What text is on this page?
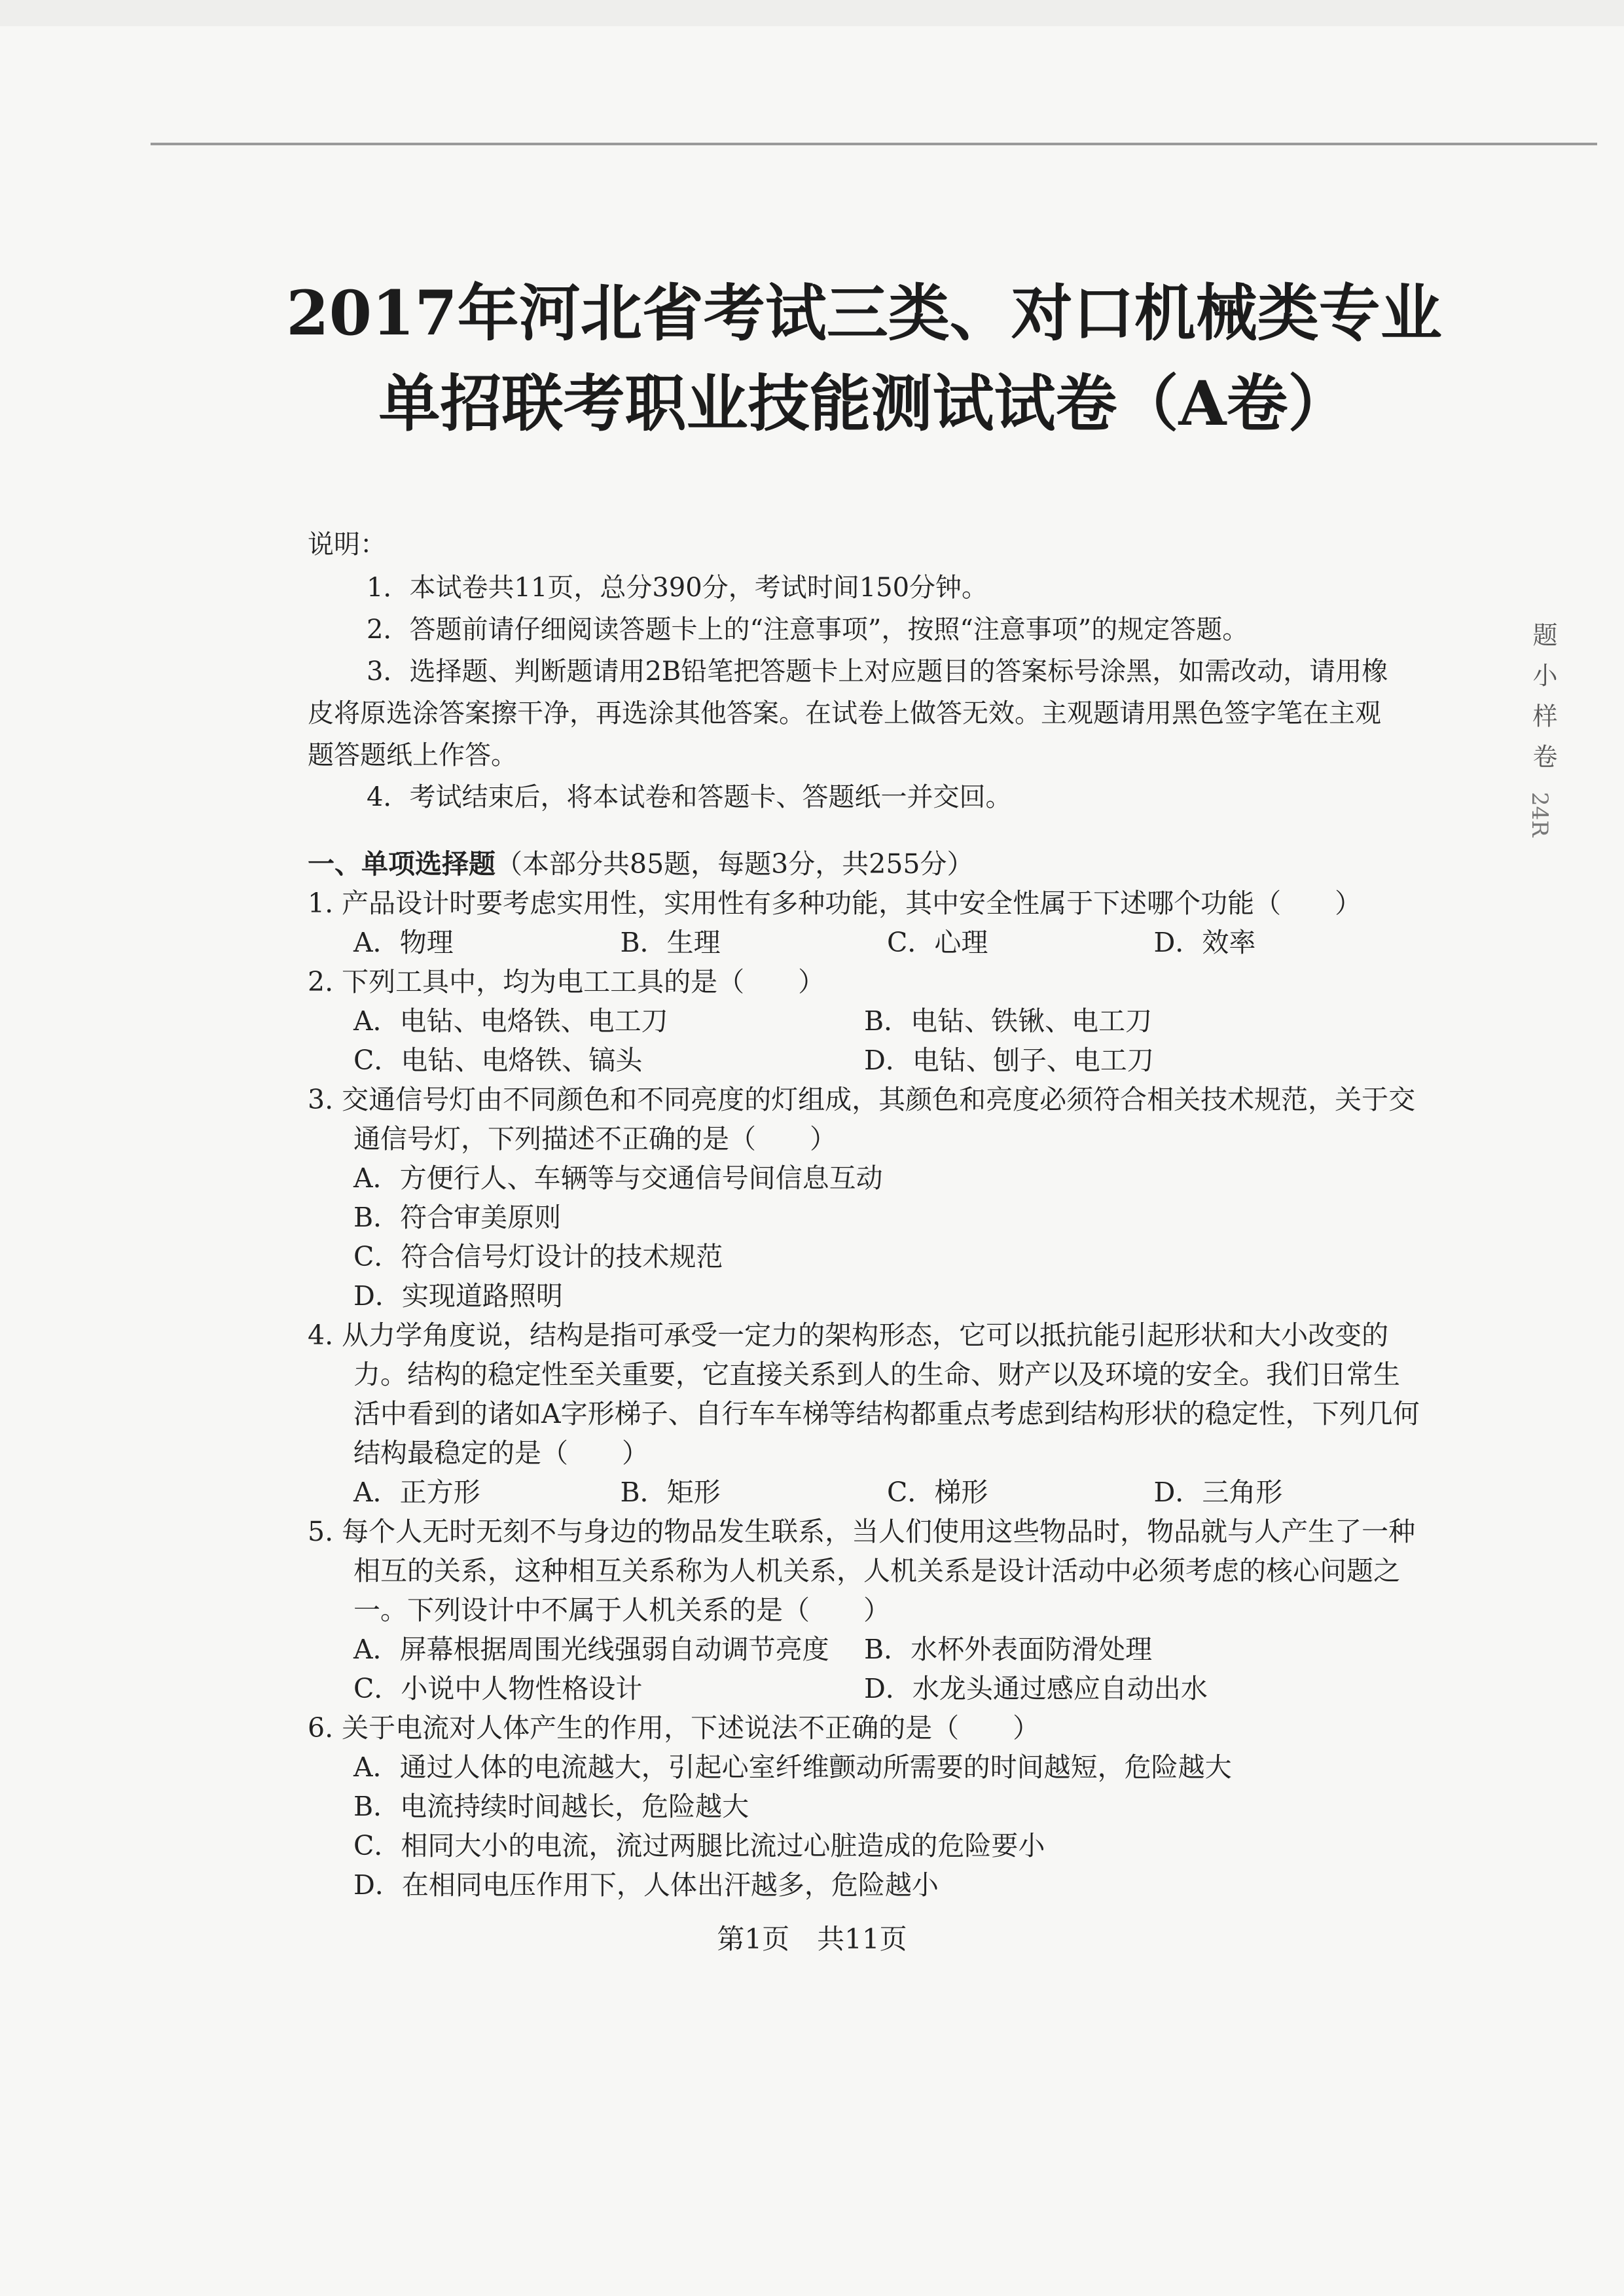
2017年河北省考试三类、对口机械类专业
单招联考职业技能测试试卷（A卷）
说明：
1．本试卷共11页，总分390分，考试时间150分钟。
2．答题前请仔细阅读答题卡上的“注意事项”，按照“注意事项”的规定答题。
3．选择题、判断题请用2B铅笔把答题卡上对应题目的答案标号涂黑，如需改动，请用橡皮将原选涂答案擦干净，再选涂其他答案。在试卷上做答无效。主观题请用黑色签字笔在主观题答题纸上作答。
4．考试结束后，将本试卷和答题卡、答题纸一并交回。
一、单项选择题（本部分共85题，每题3分，共255分）
1. 产品设计时要考虑实用性，实用性有多种功能，其中安全性属于下述哪个功能（　　）
A．物理	B．生理	C．心理	D．效率
2. 下列工具中，均为电工工具的是（　　）
A．电钻、电烙铁、电工刀	B．电钻、铁锹、电工刀
C．电钻、电烙铁、镐头	D．电钻、刨子、电工刀
3. 交通信号灯由不同颜色和不同亮度的灯组成，其颜色和亮度必须符合相关技术规范，关于交通信号灯，下列描述不正确的是（　　）
A．方便行人、车辆等与交通信号间信息互动
B．符合审美原则
C．符合信号灯设计的技术规范
D．实现道路照明
4. 从力学角度说，结构是指可承受一定力的架构形态，它可以抵抗能引起形状和大小改变的力。结构的稳定性至关重要，它直接关系到人的生命、财产以及环境的安全。我们日常生活中看到的诸如A字形梯子、自行车车梯等结构都重点考虑到结构形状的稳定性，下列几何结构最稳定的是（　　）
A．正方形	B．矩形	C．梯形	D．三角形
5. 每个人无时无刻不与身边的物品发生联系，当人们使用这些物品时，物品就与人产生了一种相互的关系，这种相互关系称为人机关系，人机关系是设计活动中必须考虑的核心问题之一。下列设计中不属于人机关系的是（　　）
A．屏幕根据周围光线强弱自动调节亮度	B．水杯外表面防滑处理
C．小说中人物性格设计	D．水龙头通过感应自动出水
6. 关于电流对人体产生的作用，下述说法不正确的是（　　）
A．通过人体的电流越大，引起心室纤维颤动所需要的时间越短，危险越大
B．电流持续时间越长，危险越大
C．相同大小的电流，流过两腿比流过心脏造成的危险要小
D．在相同电压作用下，人体出汗越多，危险越小
第1页　共11页
题 小 样 卷
24R
